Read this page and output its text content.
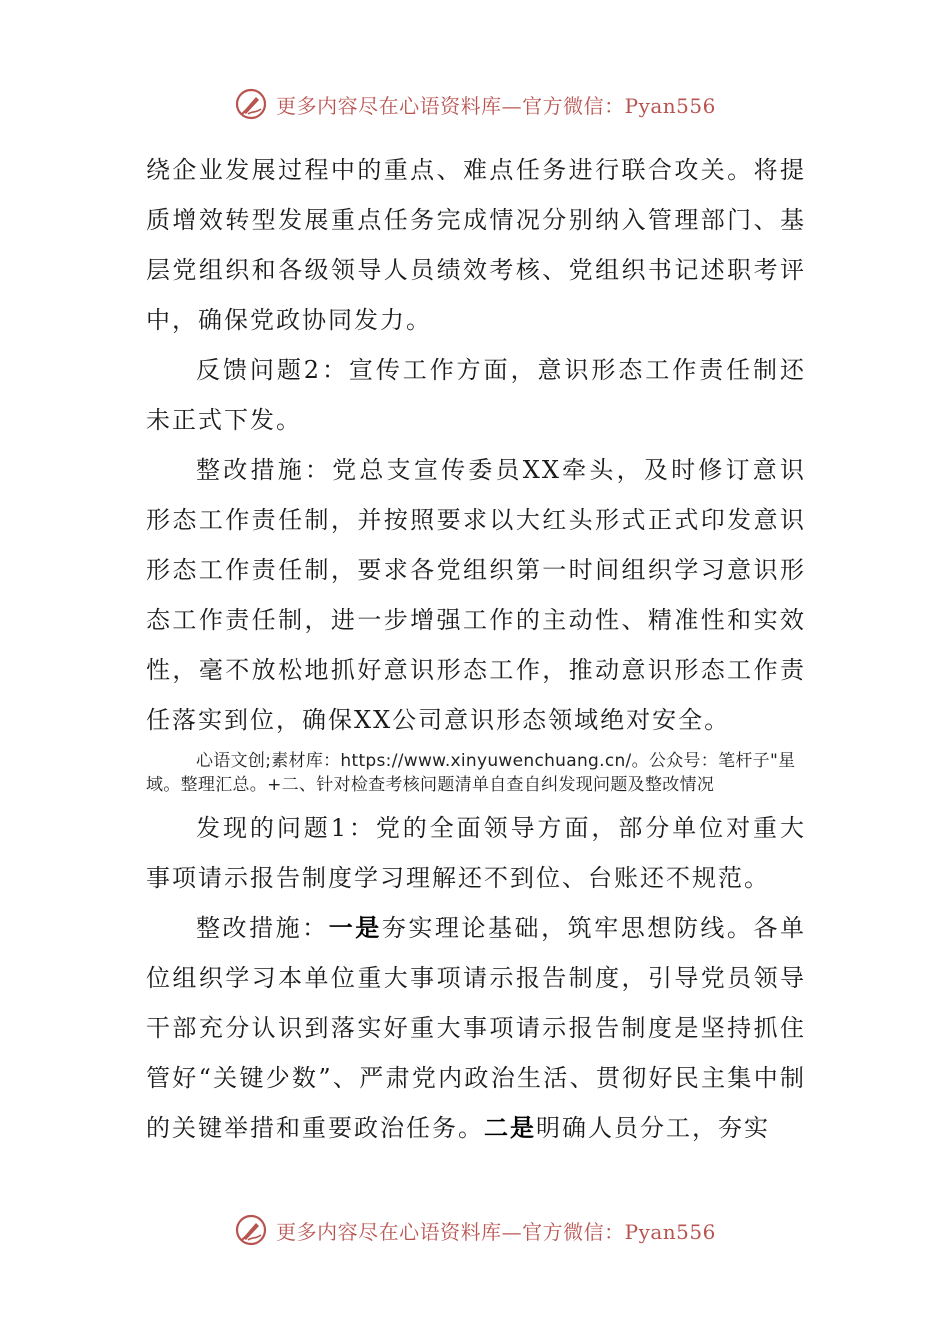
更多内容尽在心语资料库—官方微信：Pyan556

绕企业发展过程中的重点、难点任务进行联合攻关。将提质增效转型发展重点任务完成情况分别纳入管理部门、基层党组织和各级领导人员绩效考核、党组织书记述职考评中，确保党政协同发力。

反馈问题2：宣传工作方面，意识形态工作责任制还未正式下发。

整改措施：党总支宣传委员XX牵头，及时修订意识形态工作责任制，并按照要求以大红头形式正式印发意识形态工作责任制，要求各党组织第一时间组织学习意识形态工作责任制，进一步增强工作的主动性、精准性和实效性，毫不放松地抓好意识形态工作，推动意识形态工作责任落实到位，确保XX公司意识形态领域绝对安全。

心语文创;素材库：https://www.xinyuwenchuang.cn/。公众号：笔杆子"星域。整理汇总。+二、针对检查考核问题清单自查自纠发现问题及整改情况

发现的问题1：党的全面领导方面，部分单位对重大事项请示报告制度学习理解还不到位、台账还不规范。

整改措施：一是夯实理论基础，筑牢思想防线。各单位组织学习本单位重大事项请示报告制度，引导党员领导干部充分认识到落实好重大事项请示报告制度是坚持抓住管好“关键少数”、严肃党内政治生活、贯彻好民主集中制的关键举措和重要政治任务。二是明确人员分工，夯实

更多内容尽在心语资料库—官方微信：Pyan556
